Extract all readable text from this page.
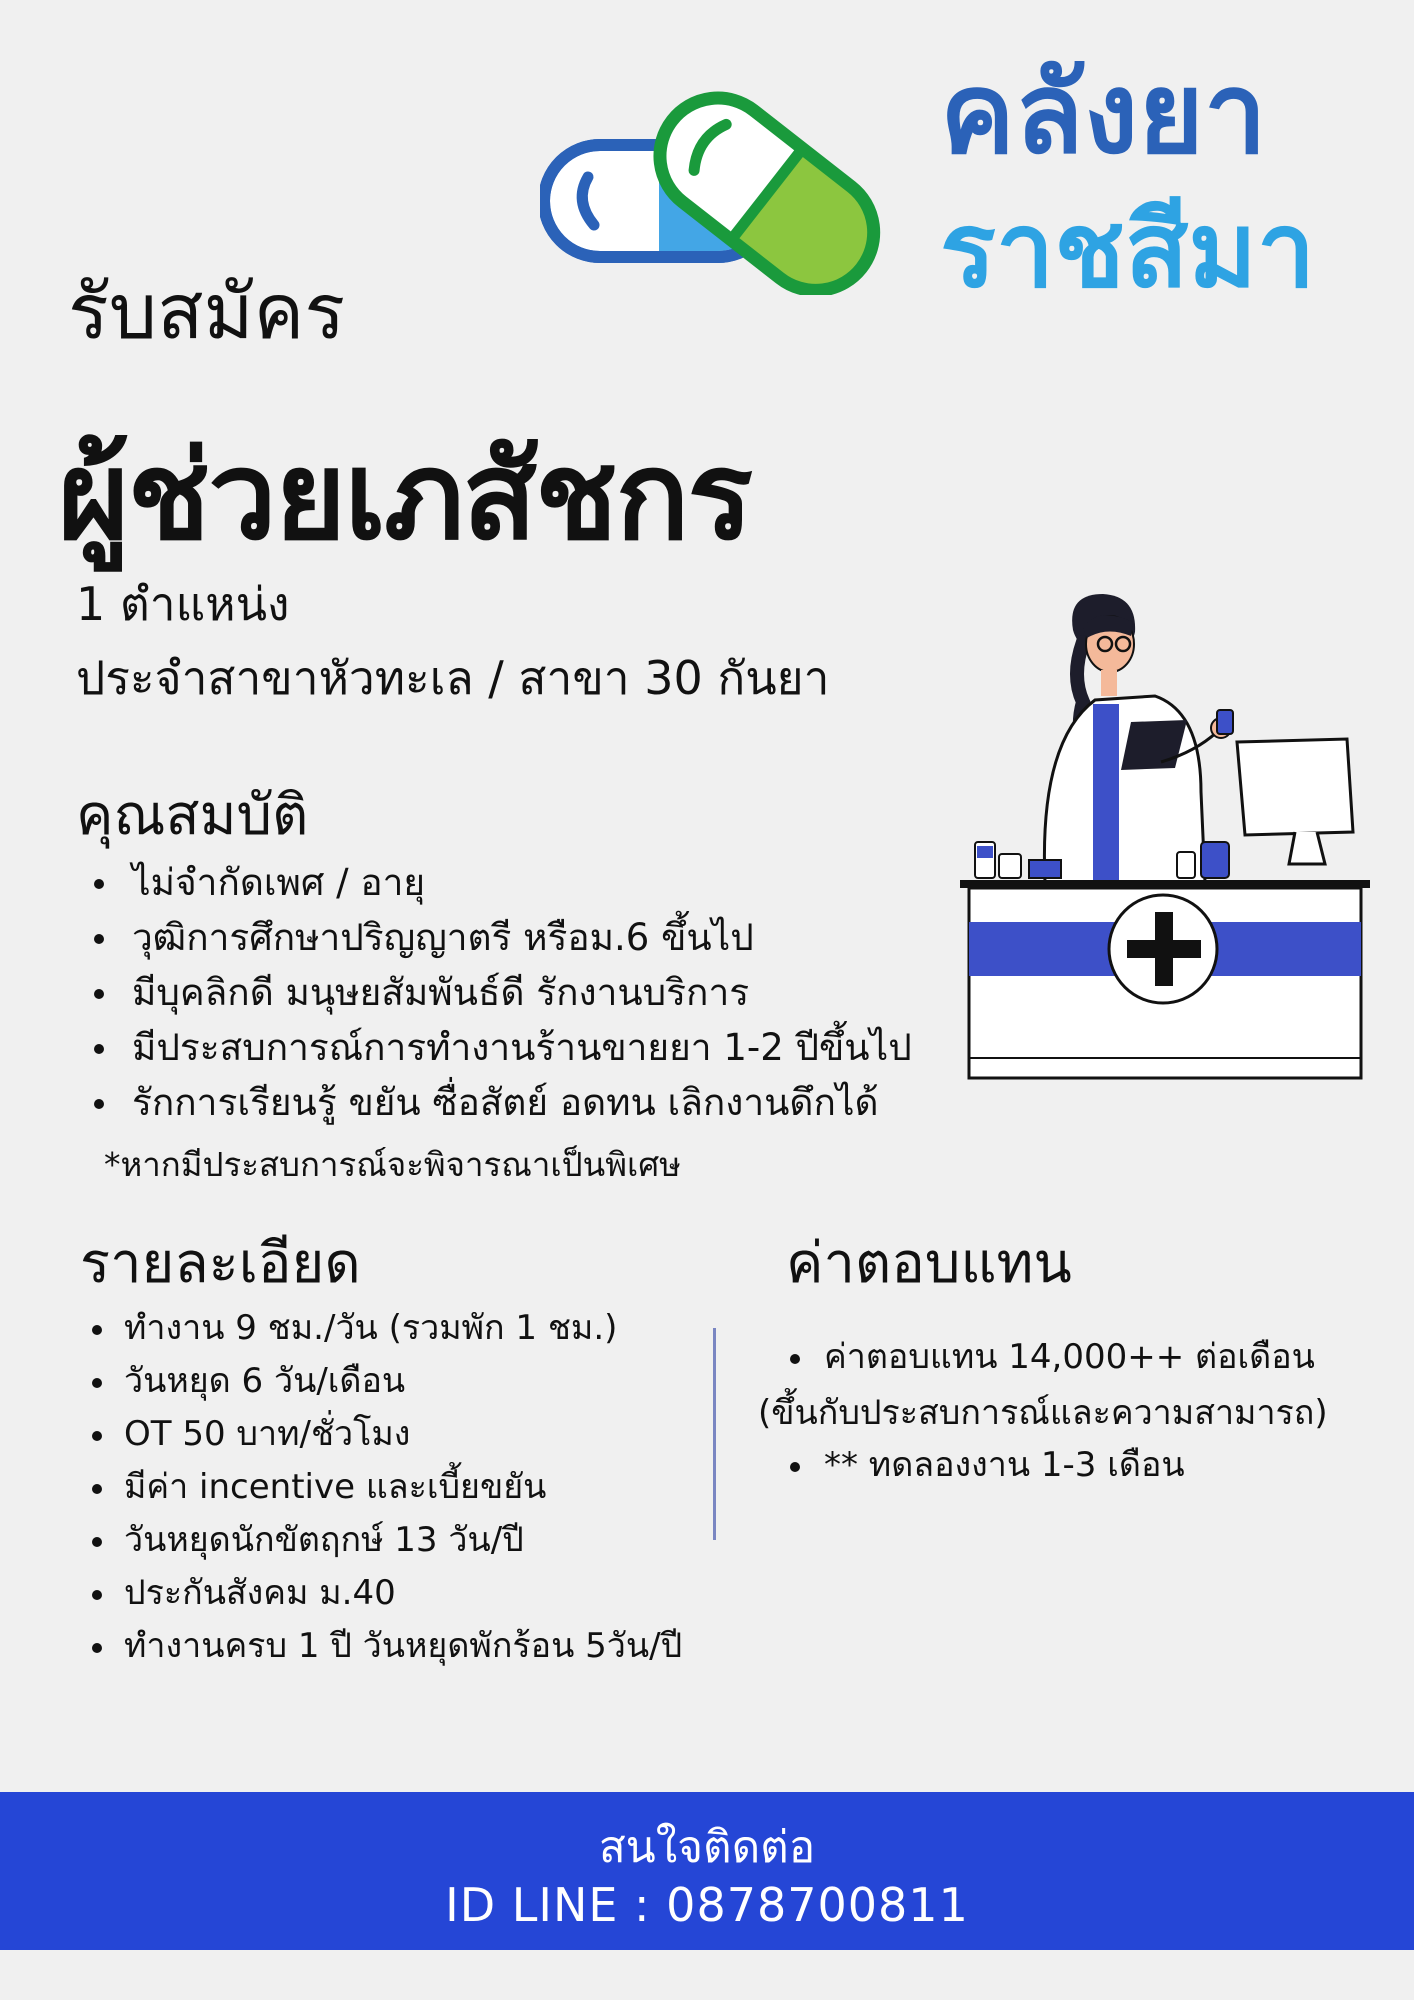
คลังยา
ราชสีมา
รับสมัคร
ผู้ช่วยเภสัชกร
1 ตำแหน่ง
ประจำสาขาหัวทะเล / สาขา 30 กันยา
คุณสมบัติ
ไม่จำกัดเพศ / อายุ
วุฒิการศึกษาปริญญาตรี หรือม.6 ขึ้นไป
มีบุคลิกดี มนุษยสัมพันธ์ดี รักงานบริการ
มีประสบการณ์การทำงานร้านขายยา 1-2 ปีขึ้นไป
รักการเรียนรู้ ขยัน ซื่อสัตย์ อดทน เลิกงานดึกได้
*หากมีประสบการณ์จะพิจารณาเป็นพิเศษ
รายละเอียด
ทำงาน 9 ชม./วัน (รวมพัก 1 ชม.)
วันหยุด 6 วัน/เดือน
OT 50 บาท/ชั่วโมง
มีค่า incentive และเบี้ยขยัน
วันหยุดนักขัตฤกษ์ 13 วัน/ปี
ประกันสังคม ม.40
ทำงานครบ 1 ปี วันหยุดพักร้อน 5วัน/ปี
ค่าตอบแทน
ค่าตอบแทน 14,000++ ต่อเดือน
** ทดลองงาน 1-3 เดือน
(ขึ้นกับประสบการณ์และความสามารถ)
สนใจติดต่อ
ID LINE : 0878700811
